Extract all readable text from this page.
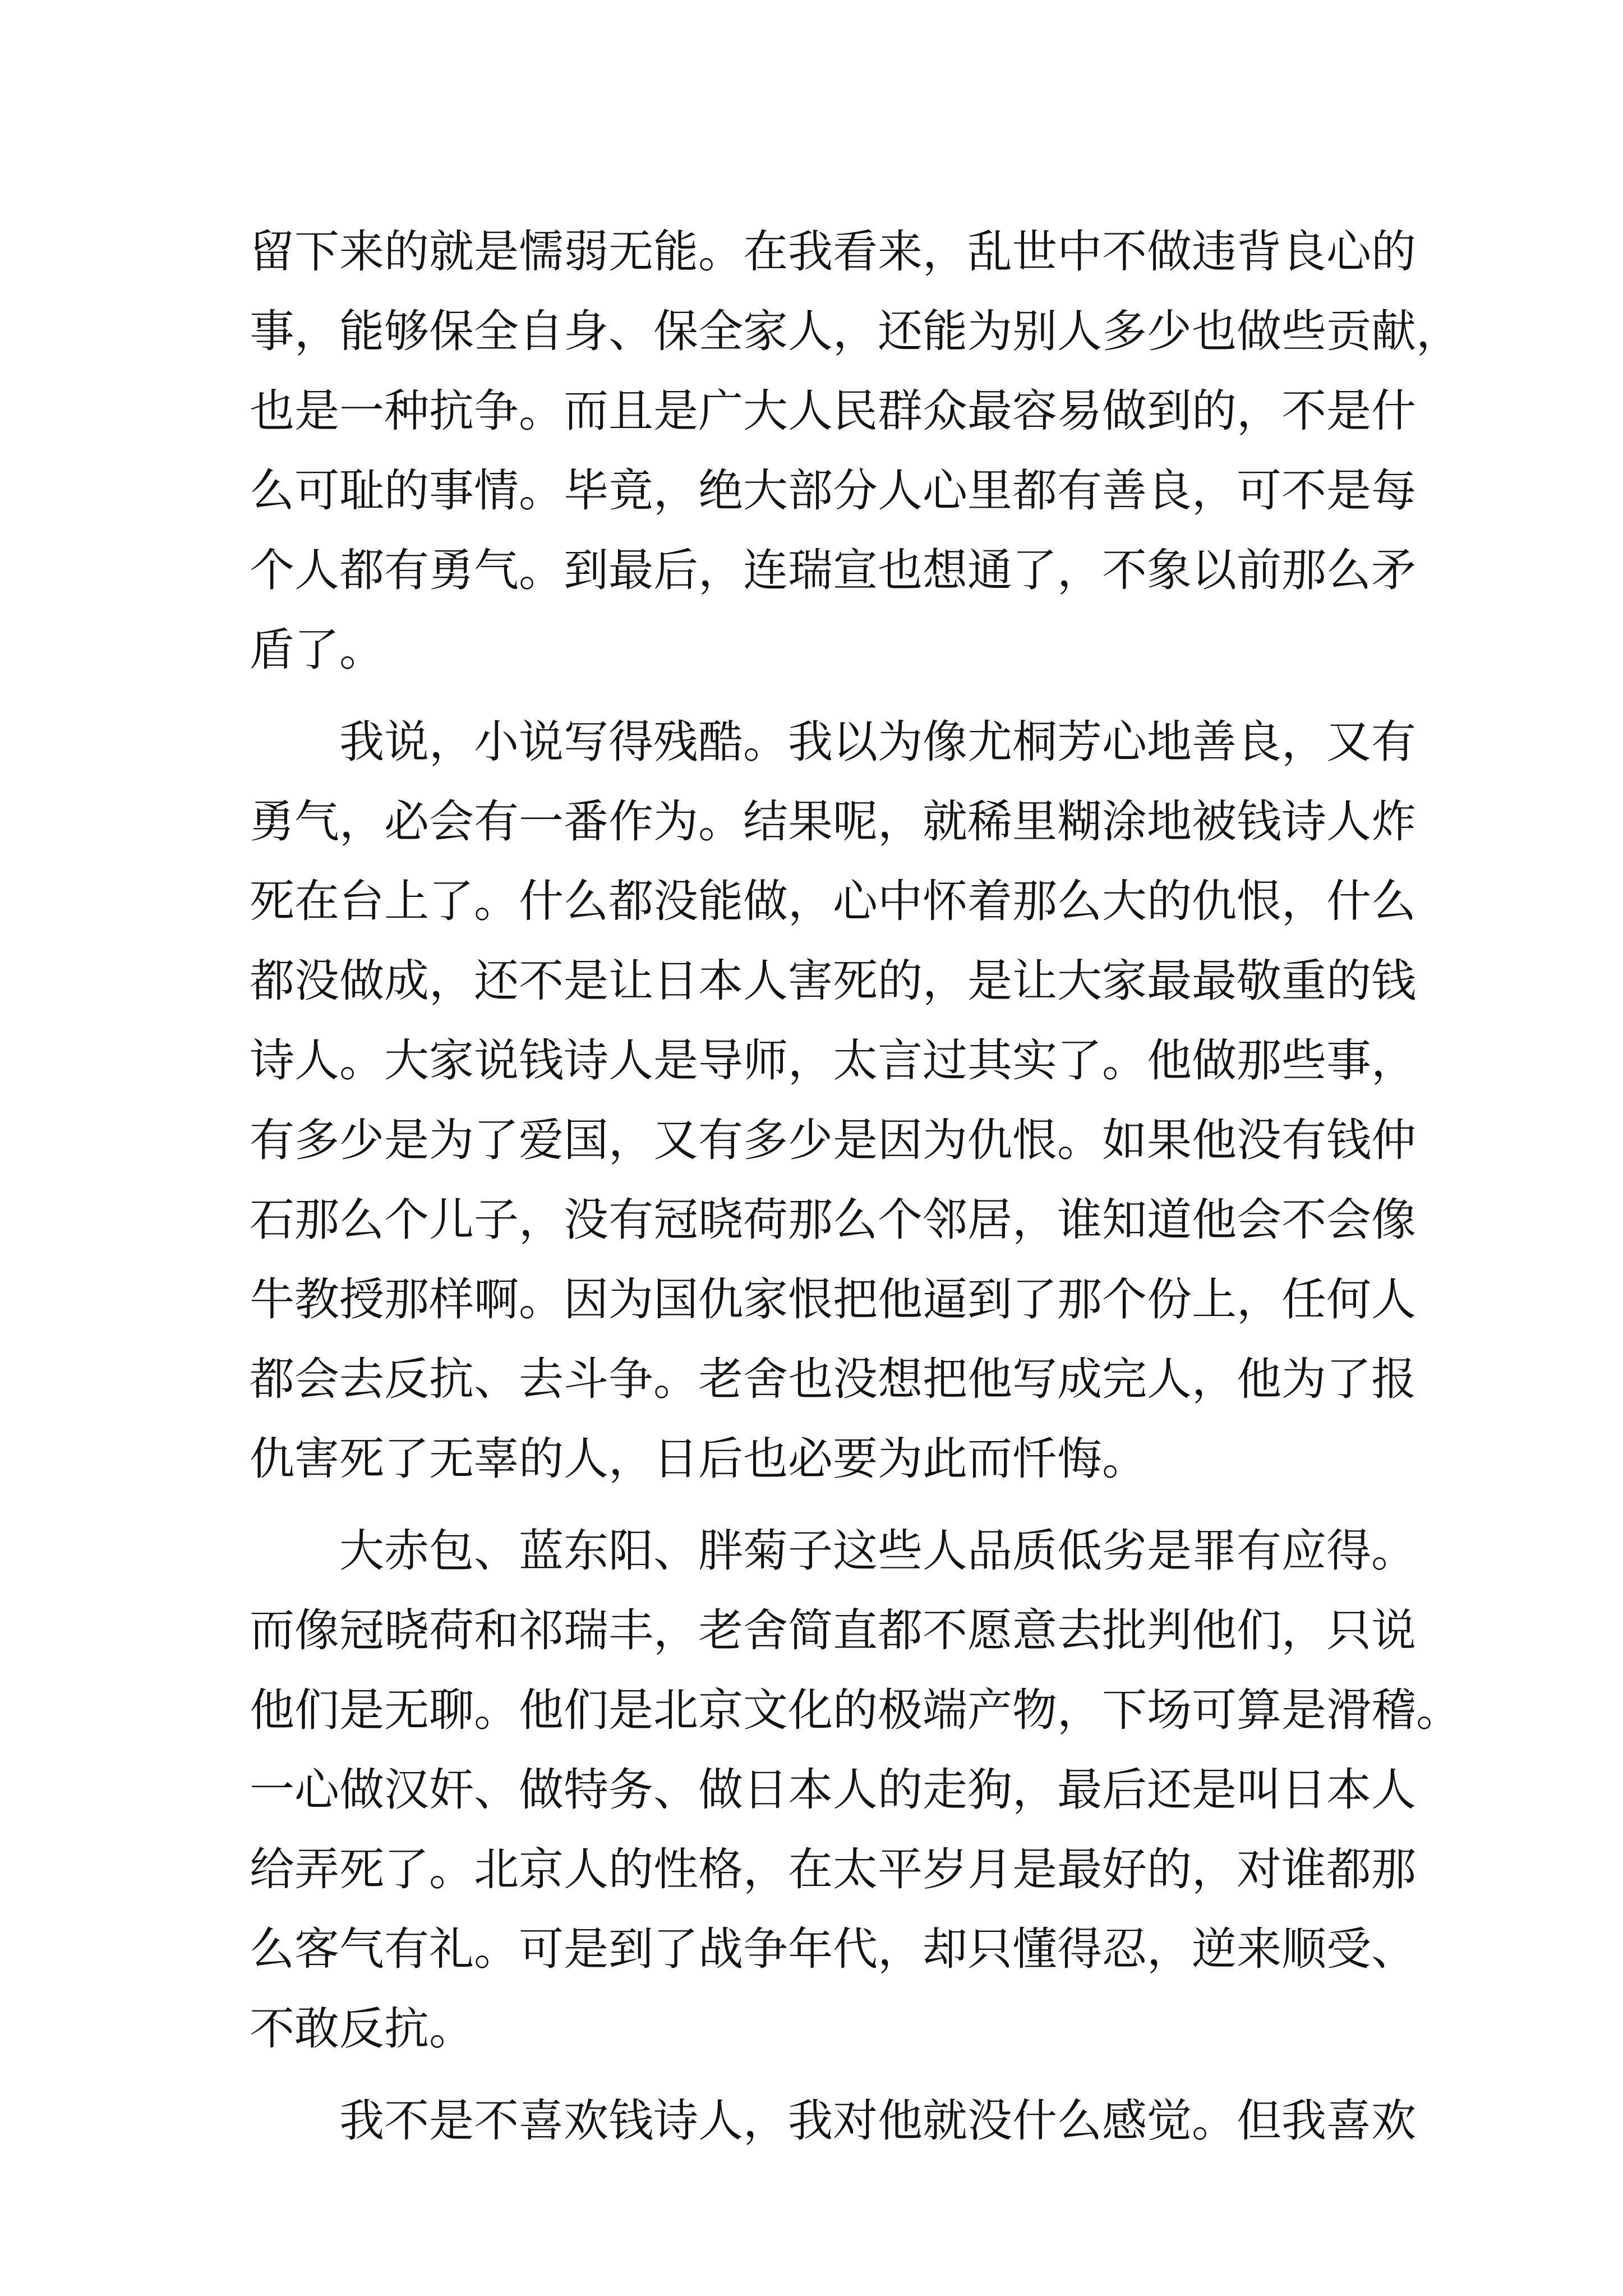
留下来的就是懦弱无能。在我看来，乱世中不做违背良心的
事，能够保全自身、保全家人，还能为别人多少也做些贡献，
也是一种抗争。而且是广大人民群众最容易做到的，不是什
么可耻的事情。毕竟，绝大部分人心里都有善良，可不是每
个人都有勇气。到最后，连瑞宣也想通了，不象以前那么矛
盾了。
　　我说，小说写得残酷。我以为像尤桐芳心地善良，又有
勇气，必会有一番作为。结果呢，就稀里糊涂地被钱诗人炸
死在台上了。什么都没能做，心中怀着那么大的仇恨，什么
都没做成，还不是让日本人害死的，是让大家最最敬重的钱
诗人。大家说钱诗人是导师，太言过其实了。他做那些事，
有多少是为了爱国，又有多少是因为仇恨。如果他没有钱仲
石那么个儿子，没有冠晓荷那么个邻居，谁知道他会不会像
牛教授那样啊。因为国仇家恨把他逼到了那个份上，任何人
都会去反抗、去斗争。老舍也没想把他写成完人，他为了报
仇害死了无辜的人，日后也必要为此而忏悔。
　　大赤包、蓝东阳、胖菊子这些人品质低劣是罪有应得。
而像冠晓荷和祁瑞丰，老舍简直都不愿意去批判他们，只说
他们是无聊。他们是北京文化的极端产物，下场可算是滑稽。
一心做汉奸、做特务、做日本人的走狗，最后还是叫日本人
给弄死了。北京人的性格，在太平岁月是最好的，对谁都那
么客气有礼。可是到了战争年代，却只懂得忍，逆来顺受、
不敢反抗。
　　我不是不喜欢钱诗人，我对他就没什么感觉。但我喜欢
